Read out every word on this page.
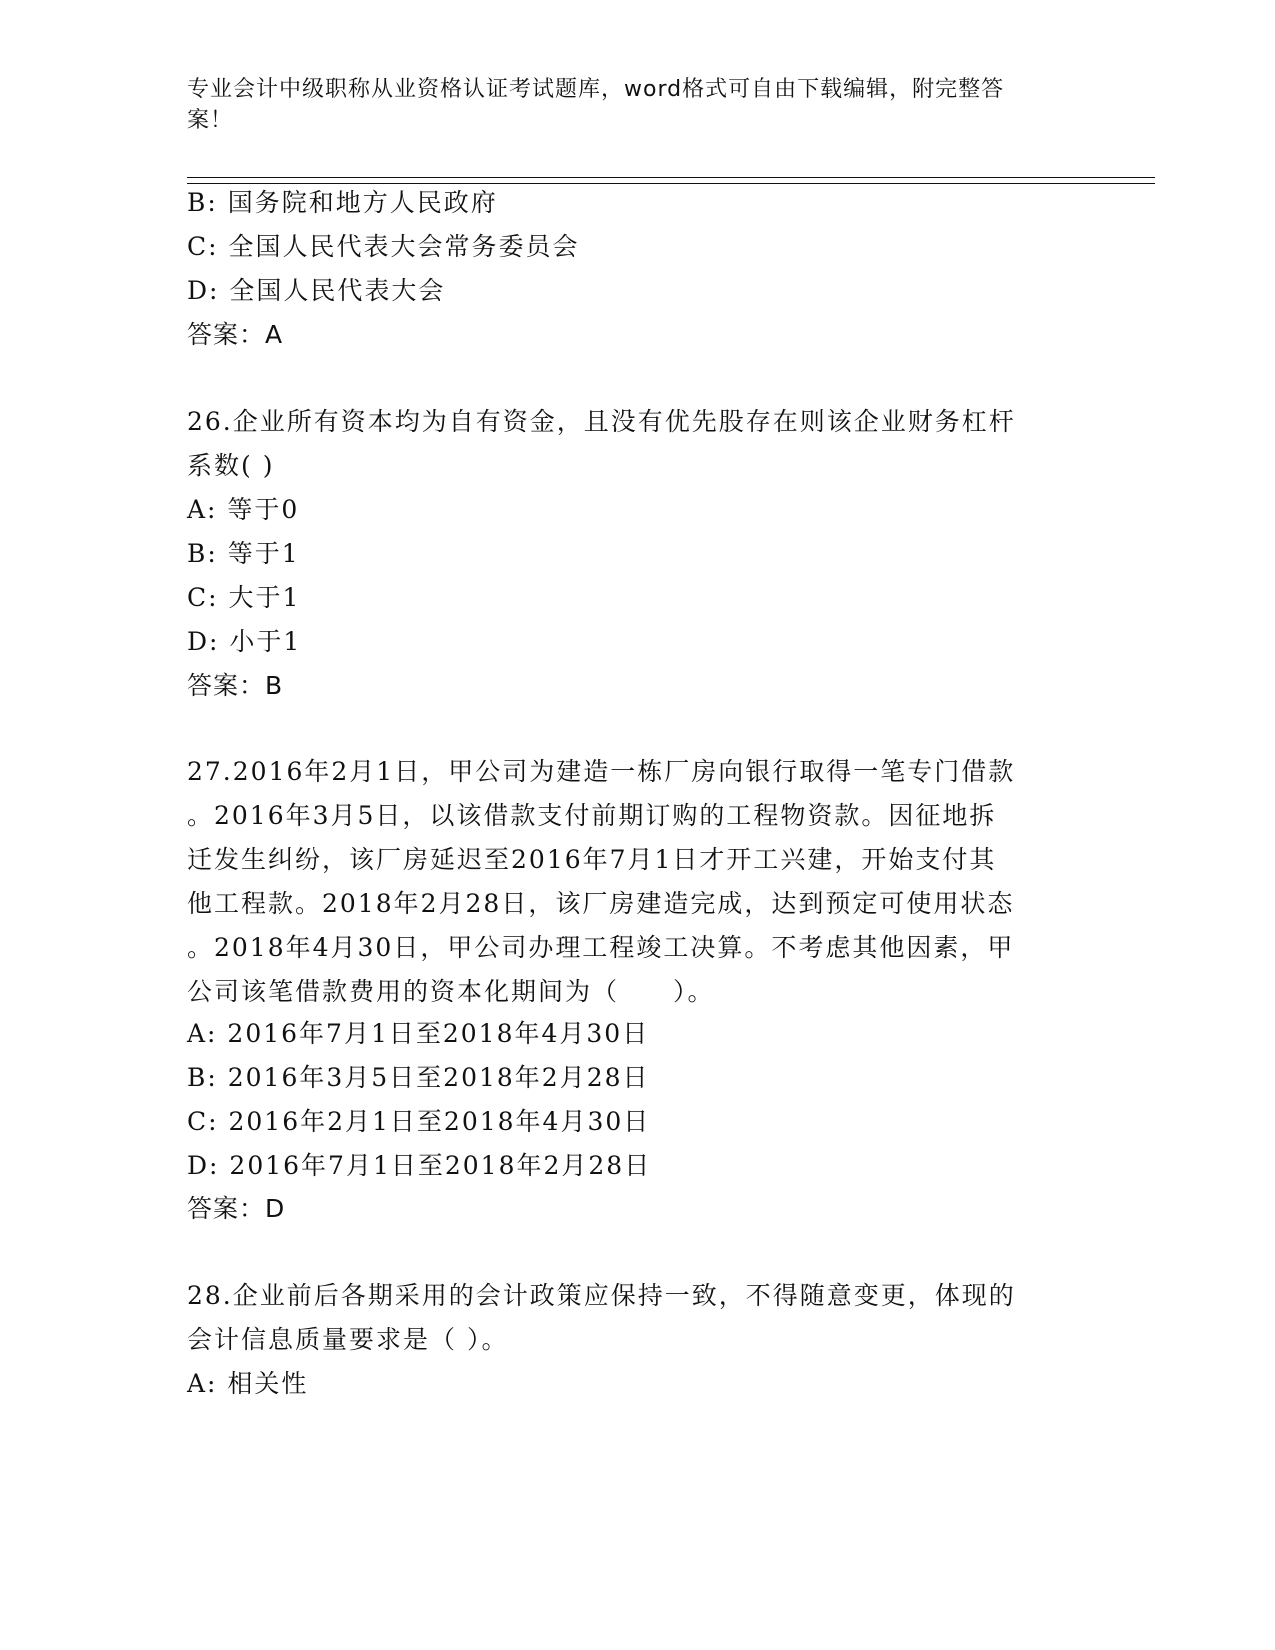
专业会计中级职称从业资格认证考试题库，word格式可自由下载编辑，附完整答
案！
B: 国务院和地方人民政府
C: 全国人民代表大会常务委员会
D: 全国人民代表大会
答案：A
26.企业所有资本均为自有资金，且没有优先股存在则该企业财务杠杆
系数( )
A: 等于0
B: 等于1
C: 大于1
D: 小于1
答案：B
27.2016年2月1日，甲公司为建造一栋厂房向银行取得一笔专门借款
。2016年3月5日，以该借款支付前期订购的工程物资款。因征地拆
迁发生纠纷，该厂房延迟至2016年7月1日才开工兴建，开始支付其
他工程款。2018年2月28日，该厂房建造完成，达到预定可使用状态
。2018年4月30日，甲公司办理工程竣工决算。不考虑其他因素，甲
公司该笔借款费用的资本化期间为（　　）。
A: 2016年7月1日至2018年4月30日
B: 2016年3月5日至2018年2月28日
C: 2016年2月1日至2018年4月30日
D: 2016年7月1日至2018年2月28日
答案：D
28.企业前后各期采用的会计政策应保持一致，不得随意变更，体现的
会计信息质量要求是（ ）。
A: 相关性
